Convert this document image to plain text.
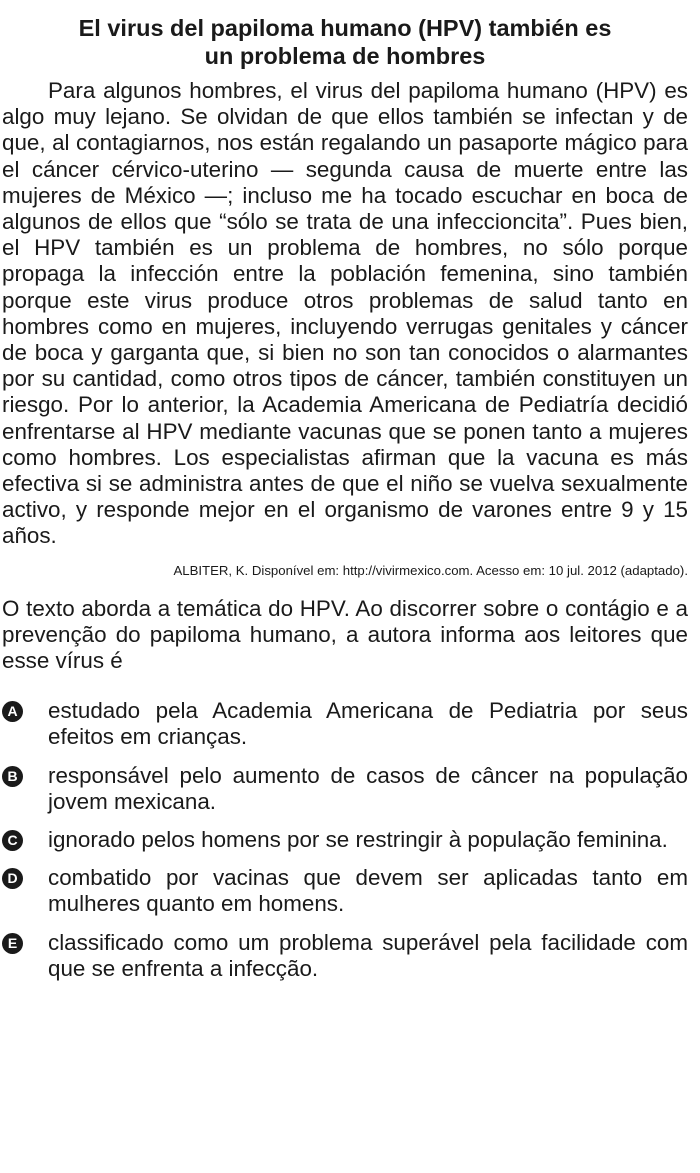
El virus del papiloma humano (HPV) también es
un problema de hombres

Para algunos hombres, el virus del papiloma humano (HPV) es algo muy lejano. Se olvidan de que ellos también se infectan y de que, al contagiarnos, nos están regalando un pasaporte mágico para el cáncer cérvico-uterino — segunda causa de muerte entre las mujeres de México —; incluso me ha tocado escuchar en boca de algunos de ellos que “sólo se trata de una infeccioncita”. Pues bien, el HPV también es un problema de hombres, no sólo porque propaga la infección entre la población femenina, sino también porque este virus produce otros problemas de salud tanto en hombres como en mujeres, incluyendo verrugas genitales y cáncer de boca y garganta que, si bien no son tan conocidos o alarmantes por su cantidad, como otros tipos de cáncer, también constituyen un riesgo. Por lo anterior, la Academia Americana de Pediatría decidió enfrentarse al HPV mediante vacunas que se ponen tanto a mujeres como hombres. Los especialistas afirman que la vacuna es más efectiva si se administra antes de que el niño se vuelva sexualmente activo, y responde mejor en el organismo de varones entre 9 y 15 años.

ALBITER, K. Disponível em: http://vivirmexico.com. Acesso em: 10 jul. 2012 (adaptado).

O texto aborda a temática do HPV. Ao discorrer sobre o contágio e a prevenção do papiloma humano, a autora informa aos leitores que esse vírus é

A estudado pela Academia Americana de Pediatria por seus efeitos em crianças.
B responsável pelo aumento de casos de câncer na população jovem mexicana.
C ignorado pelos homens por se restringir à população feminina.
D combatido por vacinas que devem ser aplicadas tanto em mulheres quanto em homens.
E classificado como um problema superável pela facilidade com que se enfrenta a infecção.
